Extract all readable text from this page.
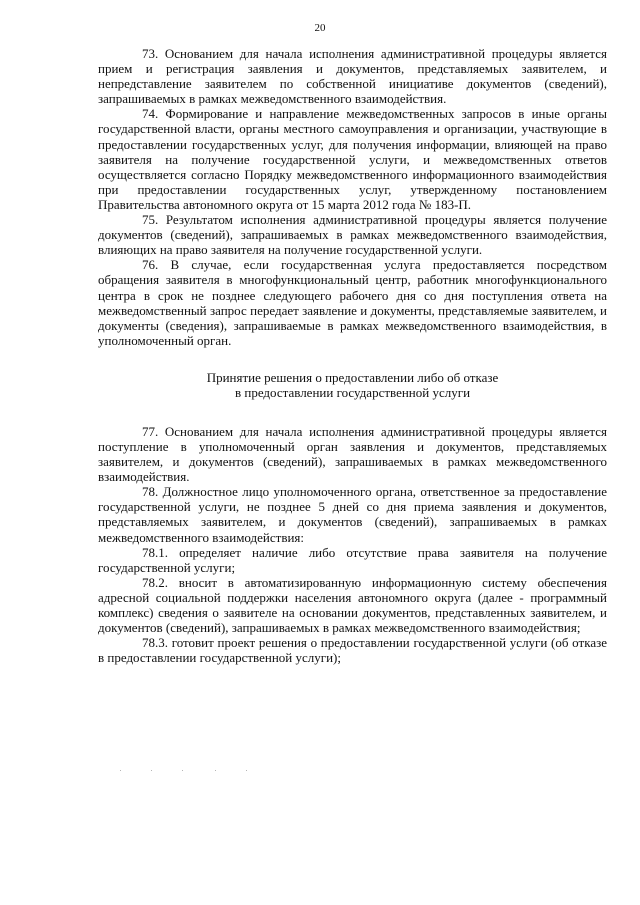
20

73. Основанием для начала исполнения административной процедуры является прием и регистрация заявления и документов, представляемых заявителем, и непредставление заявителем по собственной инициативе документов (сведений), запрашиваемых в рамках межведомственного взаимодействия.

74. Формирование и направление межведомственных запросов в иные органы государственной власти, органы местного самоуправления и организации, участвующие в предоставлении государственных услуг, для получения информации, влияющей на право заявителя на получение государственной услуги, и межведомственных ответов осуществляется согласно Порядку межведомственного информационного взаимодействия при предоставлении государственных услуг, утвержденному постановлением Правительства автономного округа от 15 марта 2012 года № 183-П.

75. Результатом исполнения административной процедуры является получение документов (сведений), запрашиваемых в рамках межведомственного взаимодействия, влияющих на право заявителя на получение государственной услуги.

76. В случае, если государственная услуга предоставляется посредством обращения заявителя в многофункциональный центр, работник многофункционального центра в срок не позднее следующего рабочего дня со дня поступления ответа на межведомственный запрос передает заявление и документы, представляемые заявителем, и документы (сведения), запрашиваемые в рамках межведомственного взаимодействия, в уполномоченный орган.

Принятие решения о предоставлении либо об отказе
в предоставлении государственной услуги

77. Основанием для начала исполнения административной процедуры является поступление в уполномоченный орган заявления и документов, представляемых заявителем, и документов (сведений), запрашиваемых в рамках межведомственного взаимодействия.

78. Должностное лицо уполномоченного органа, ответственное за предоставление государственной услуги, не позднее 5 дней со дня приема заявления и документов, представляемых заявителем, и документов (сведений), запрашиваемых в рамках межведомственного взаимодействия:

78.1. определяет наличие либо отсутствие права заявителя на получение государственной услуги;

78.2. вносит в автоматизированную информационную систему обеспечения адресной социальной поддержки населения автономного округа (далее - программный комплекс) сведения о заявителе на основании документов, представленных заявителем, и документов (сведений), запрашиваемых в рамках межведомственного взаимодействия;

78.3. готовит проект решения о предоставлении государственной услуги (об отказе в предоставлении государственной услуги);
